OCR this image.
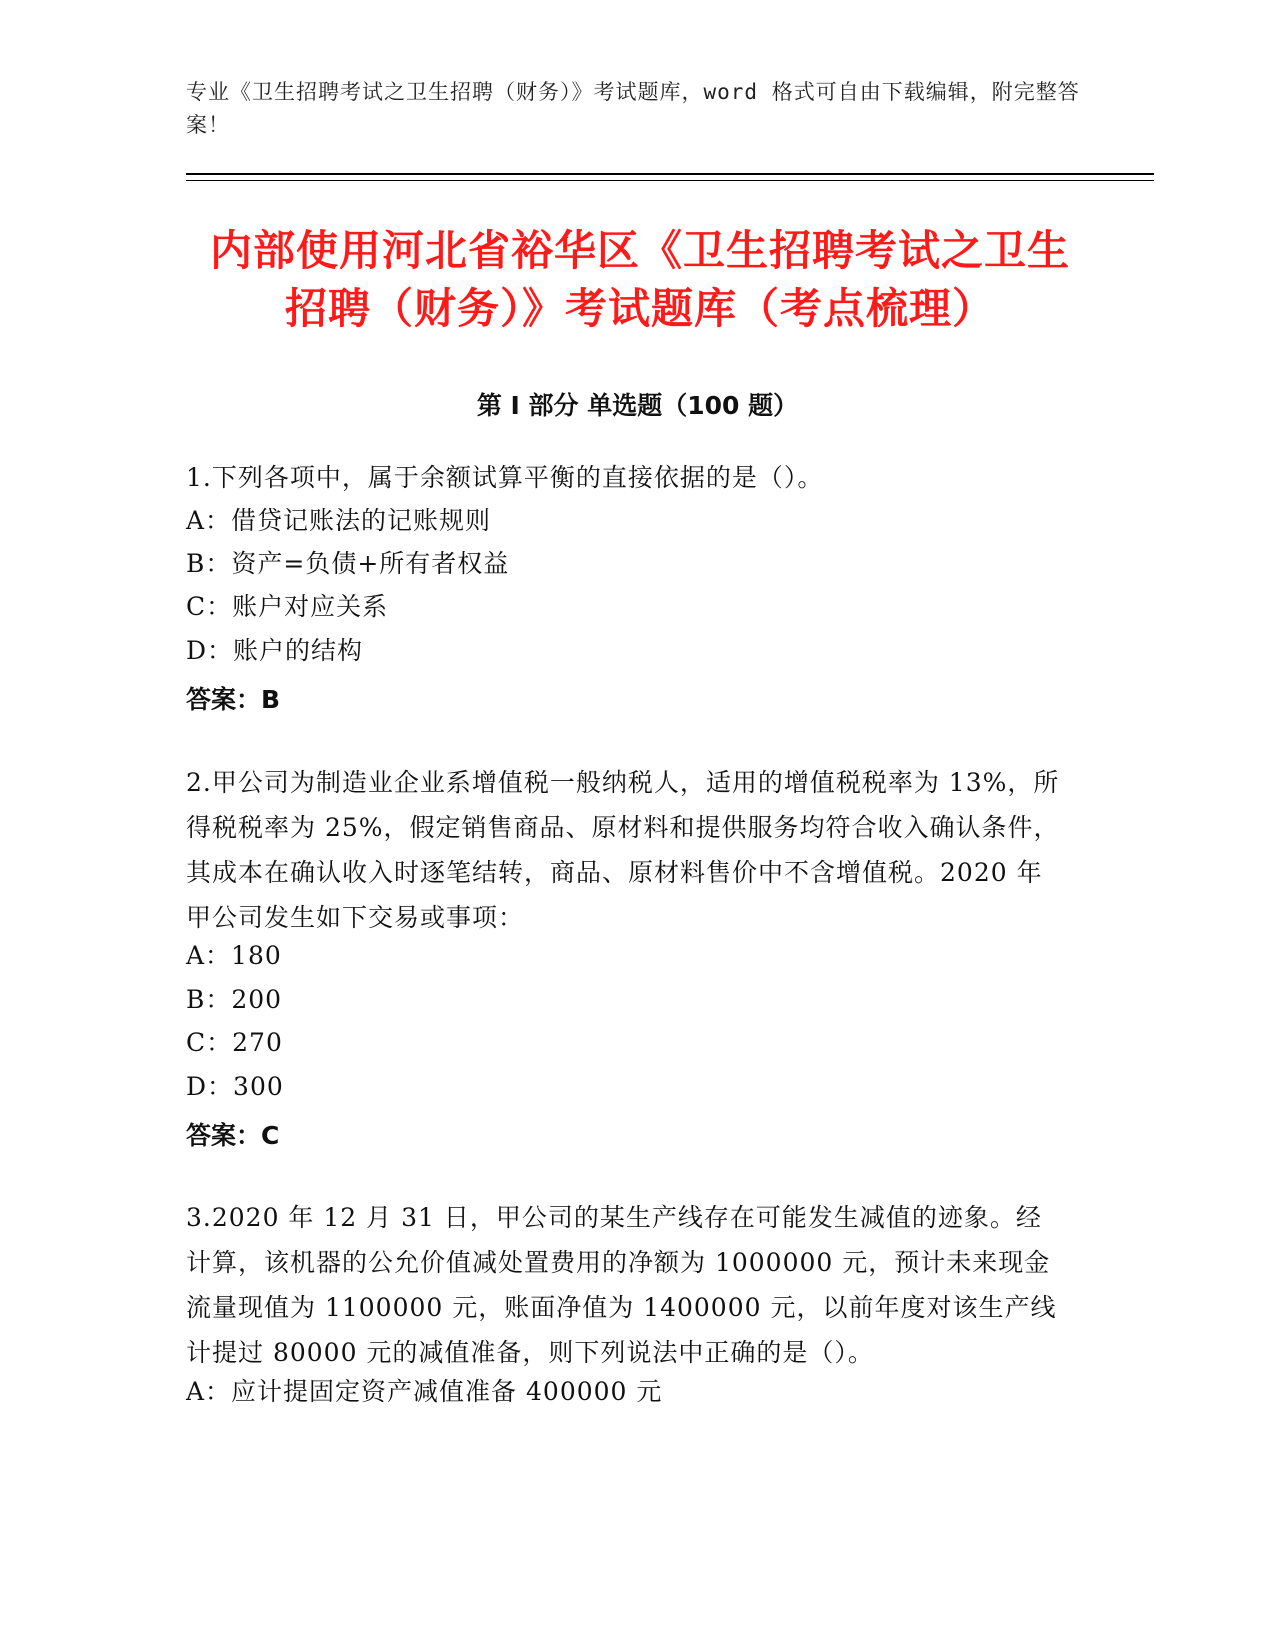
专业《卫生招聘考试之卫生招聘（财务）》考试题库，word 格式可自由下载编辑，附完整答案！
内部使用河北省裕华区《卫生招聘考试之卫生招聘（财务）》考试题库（考点梳理）
第 I 部分 单选题（100 题）
1.下列各项中，属于余额试算平衡的直接依据的是（）。
A：借贷记账法的记账规则
B：资产=负债+所有者权益
C：账户对应关系
D：账户的结构
答案：B
2.甲公司为制造业企业系增值税一般纳税人，适用的增值税税率为 13%，所得税税率为 25%，假定销售商品、原材料和提供服务均符合收入确认条件，其成本在确认收入时逐笔结转，商品、原材料售价中不含增值税。2020 年甲公司发生如下交易或事项：
A：180
B：200
C：270
D：300
答案：C
3.2020 年 12 月 31 日，甲公司的某生产线存在可能发生减值的迹象。经计算，该机器的公允价值减处置费用的净额为 1000000 元，预计未来现金流量现值为 1100000 元，账面净值为 1400000 元，以前年度对该生产线计提过 80000 元的减值准备，则下列说法中正确的是（）。
A：应计提固定资产减值准备 400000 元
